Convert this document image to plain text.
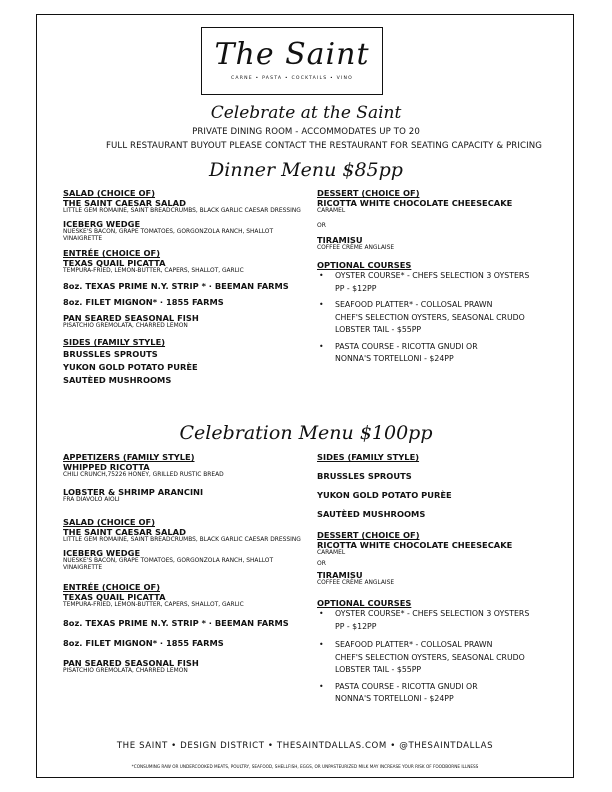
The Saint
CARNE • PASTA • COCKTAILS • VINO
Celebrate at the Saint
PRIVATE DINING ROOM - ACCOMMODATES UP TO 20
FULL RESTAURANT BUYOUT PLEASE CONTACT THE RESTAURANT FOR SEATING CAPACITY & PRICING
Dinner Menu $85pp
SALAD (CHOICE OF)
THE SAINT CAESAR SALAD
LITTLE GEM ROMAINE, SAINT BREADCRUMBS, BLACK GARLIC CAESAR DRESSING
ICEBERG WEDGE
NUESKE'S BACON, GRAPE TOMATOES, GORGONZOLA RANCH, SHALLOT VINAIGRETTE
ENTRÉE (CHOICE OF)
TEXAS QUAIL PICATTA
TEMPURA-FRIED, LEMON-BUTTER, CAPERS, SHALLOT, GARLIC
8oz. TEXAS PRIME N.Y. STRIP * · BEEMAN FARMS
8oz. FILET MIGNON* · 1855 FARMS
PAN SEARED SEASONAL FISH
PISATCHIO GREMOLATA, CHARRED LEMON
SIDES (FAMILY STYLE)
BRUSSLES SPROUTS
YUKON GOLD POTATO PURÈE
SAUTÈED MUSHROOMS
DESSERT (CHOICE OF)
RICOTTA WHITE CHOCOLATE CHEESECAKE
CARAMEL
OR
TIRAMISU
COFFEE CRÈME ANGLAISE
OPTIONAL COURSES
• OYSTER COURSE* - CHEFS SELECTION 3 OYSTERS
PP - $12PP
• SEAFOOD PLATTER* - COLLOSAL PRAWN
CHEF'S SELECTION OYSTERS, SEASONAL CRUDO
LOBSTER TAIL - $55PP
• PASTA COURSE - RICOTTA GNUDI OR
NONNA'S TORTELLONI - $24PP
Celebration Menu $100pp
APPETIZERS (FAMILY STYLE)
WHIPPED RICOTTA
CHILI CRUNCH,75226 HONEY, GRILLED RUSTIC BREAD
LOBSTER & SHRIMP ARANCINI
FRA DIAVOLO AIOLI
SALAD (CHOICE OF)
THE SAINT CAESAR SALAD
LITTLE GEM ROMAINE, SAINT BREADCRUMBS, BLACK GARLIC CAESAR DRESSING
ICEBERG WEDGE
NUESKE'S BACON, GRAPE TOMATOES, GORGONZOLA RANCH, SHALLOT VINAIGRETTE
ENTRÉE (CHOICE OF)
TEXAS QUAIL PICATTA
TEMPURA-FRIED, LEMON-BUTTER, CAPERS, SHALLOT, GARLIC
8oz. TEXAS PRIME N.Y. STRIP * · BEEMAN FARMS
8oz. FILET MIGNON* · 1855 FARMS
PAN SEARED SEASONAL FISH
PISATCHIO GREMOLATA, CHARRED LEMON
SIDES (FAMILY STYLE)
BRUSSLES SPROUTS
YUKON GOLD POTATO PURÈE
SAUTÈED MUSHROOMS
DESSERT (CHOICE OF)
RICOTTA WHITE CHOCOLATE CHEESECAKE
CARAMEL
OR
TIRAMISU
COFFEE CRÈME ANGLAISE
OPTIONAL COURSES
• OYSTER COURSE* - CHEFS SELECTION 3 OYSTERS
PP - $12PP
• SEAFOOD PLATTER* - COLLOSAL PRAWN
CHEF'S SELECTION OYSTERS, SEASONAL CRUDO
LOBSTER TAIL - $55PP
• PASTA COURSE - RICOTTA GNUDI OR
NONNA'S TORTELLONI - $24PP
THE SAINT • DESIGN DISTRICT • THESAINTDALLAS.COM • @THESAINTDALLAS
*CONSUMING RAW OR UNDERCOOKED MEATS, POULTRY, SEAFOOD, SHELLFISH, EGGS, OR UNPASTEURIZED MILK MAY INCREASE YOUR RISK OF FOODBORNE ILLNESS
